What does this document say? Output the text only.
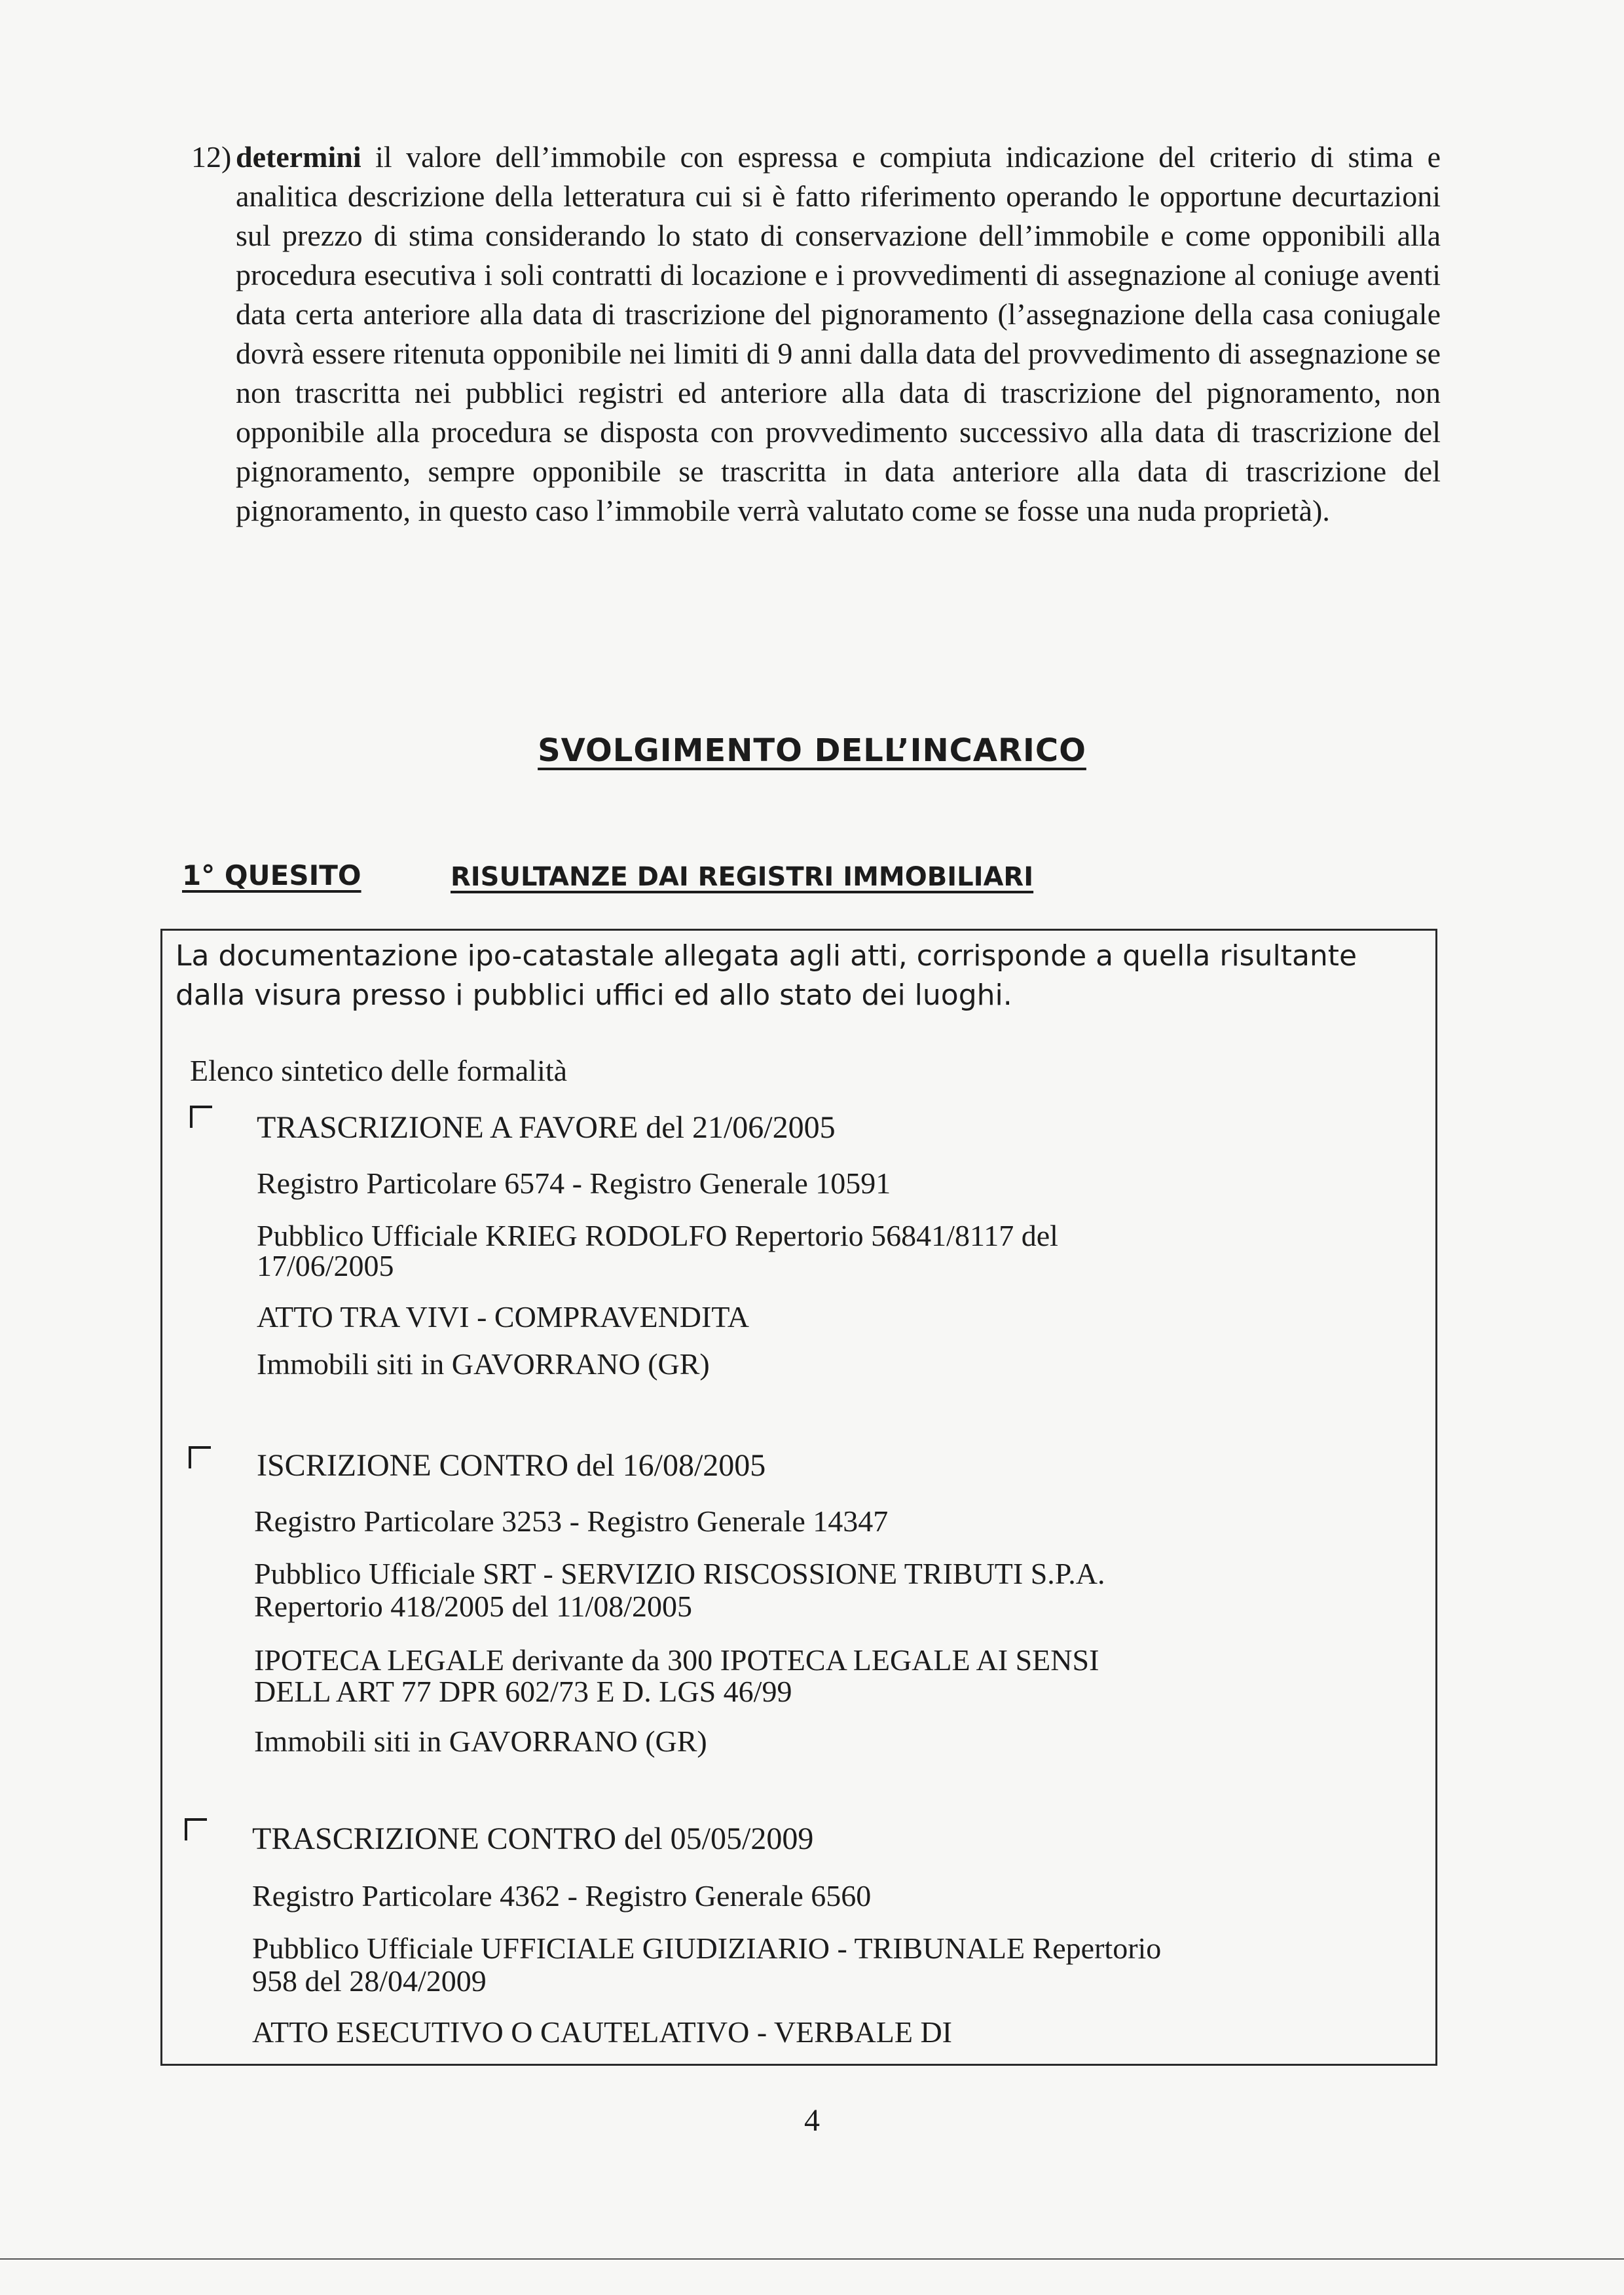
12) determini il valore dell’immobile con espressa e compiuta indicazione del criterio di stima e analitica descrizione della letteratura cui si è fatto riferimento operando le opportune decurtazioni sul prezzo di stima considerando lo stato di conservazione dell’immobile e come opponibili alla procedura esecutiva i soli contratti di locazione e i provvedimenti di assegnazione al coniuge aventi data certa anteriore alla data di trascrizione del pignoramento (l’assegnazione della casa coniugale dovrà essere ritenuta opponibile nei limiti di 9 anni dalla data del provvedimento di assegnazione se non trascritta nei pubblici registri ed anteriore alla data di trascrizione del pignoramento, non opponibile alla procedura se disposta con provvedimento successivo alla data di trascrizione del pignoramento, sempre opponibile se trascritta in data anteriore alla data di trascrizione del pignoramento, in questo caso l’immobile verrà valutato come se fosse una nuda proprietà).
SVOLGIMENTO DELL’INCARICO
1° QUESITO	RISULTANZE DAI REGISTRI IMMOBILIARI
La documentazione ipo-catastale allegata agli atti, corrisponde a quella risultante dalla visura presso i pubblici uffici ed allo stato dei luoghi.
Elenco sintetico delle formalità
TRASCRIZIONE A FAVORE del 21/06/2005
Registro Particolare 6574 - Registro Generale 10591
Pubblico Ufficiale KRIEG RODOLFO Repertorio 56841/8117 del
17/06/2005
ATTO TRA VIVI - COMPRAVENDITA
Immobili siti in GAVORRANO (GR)
ISCRIZIONE CONTRO del 16/08/2005
Registro Particolare 3253 - Registro Generale 14347
Pubblico Ufficiale SRT - SERVIZIO RISCOSSIONE TRIBUTI S.P.A.
Repertorio 418/2005 del 11/08/2005
IPOTECA LEGALE derivante da 300 IPOTECA LEGALE AI SENSI
DELL ART 77 DPR 602/73 E D. LGS 46/99
Immobili siti in GAVORRANO (GR)
TRASCRIZIONE CONTRO del 05/05/2009
Registro Particolare 4362 - Registro Generale 6560
Pubblico Ufficiale UFFICIALE GIUDIZIARIO - TRIBUNALE Repertorio
958 del 28/04/2009
ATTO ESECUTIVO O CAUTELATIVO - VERBALE DI
4
